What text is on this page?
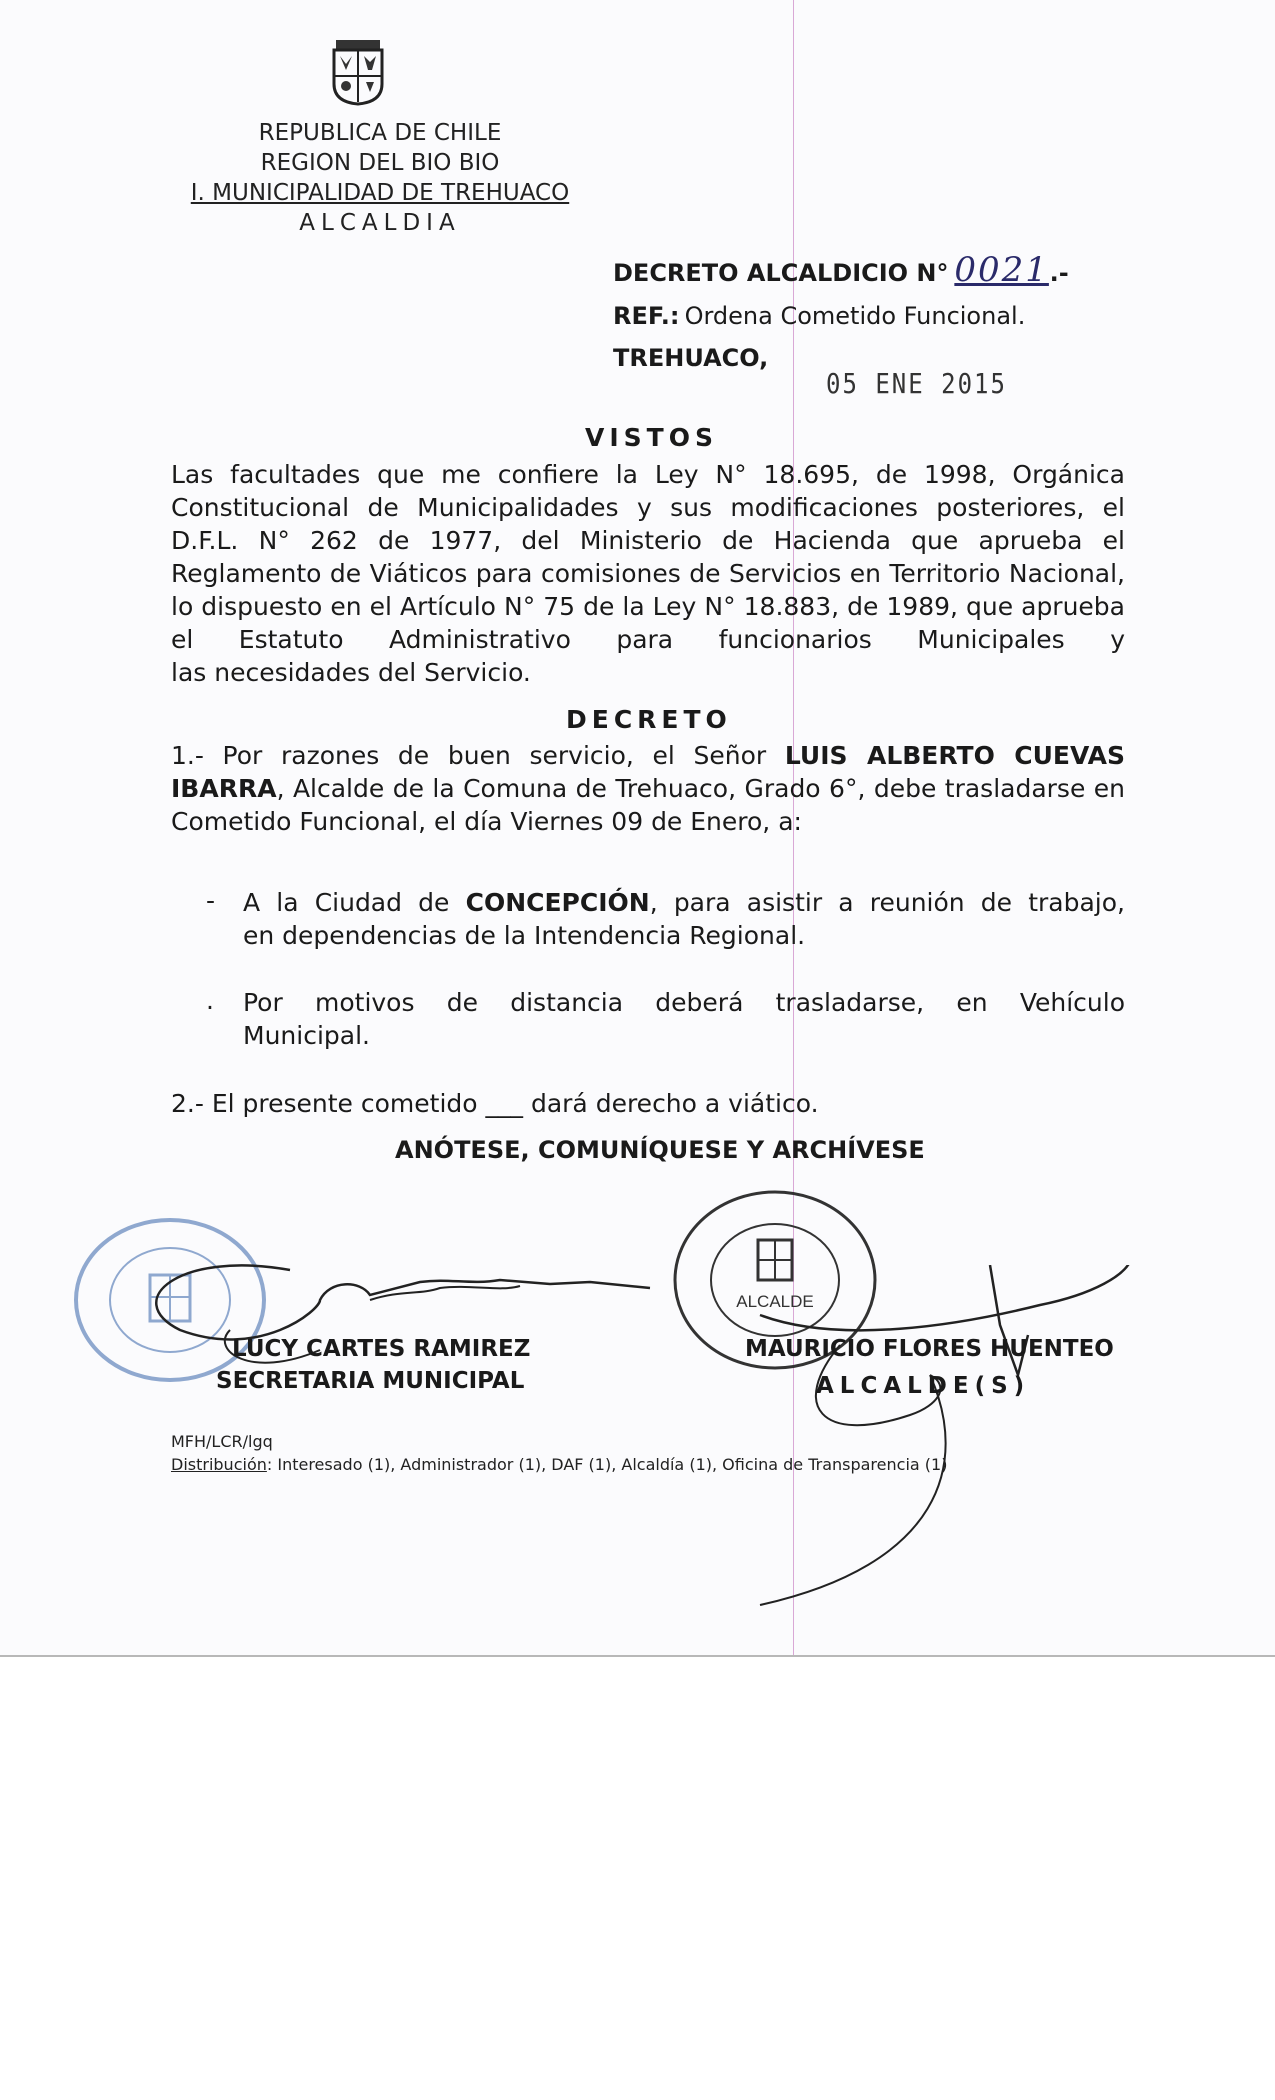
REPUBLICA DE CHILE
REGION DEL BIO BIO
I. MUNICIPALIDAD DE TREHUACO
ALCALDIA
DECRETO ALCALDICIO N° 0021.-
REF.: Ordena Cometido Funcional.
TREHUACO,
05 ENE 2015
VISTOS
Las facultades que me confiere la Ley N° 18.695, de 1998, Orgánica Constitucional de Municipalidades y sus modificaciones posteriores, el D.F.L. N° 262 de 1977, del Ministerio de Hacienda que aprueba el Reglamento de Viáticos para comisiones de Servicios en Territorio Nacional, lo dispuesto en el Artículo N° 75 de la Ley N° 18.883, de 1989, que aprueba el Estatuto Administrativo para funcionarios Municipales y
las necesidades del Servicio.
DECRETO
1.- Por razones de buen servicio, el Señor LUIS ALBERTO CUEVAS IBARRA, Alcalde de la Comuna de Trehuaco, Grado 6°, debe trasladarse en
Cometido Funcional, el día Viernes 09 de Enero, a:
- A la Ciudad de CONCEPCIÓN, para asistir a reunión de trabajo,
en dependencias de la Intendencia Regional.
. Por motivos de distancia deberá trasladarse, en Vehículo
Municipal.
2.- El presente cometido ___ dará derecho a viático.
ANÓTESE, COMUNÍQUESE Y ARCHÍVESE
ALCALDE
LUCY CARTES RAMIREZ
SECRETARIA MUNICIPAL
MAURICIO FLORES HUENTEO
ALCALDE(S)
MFH/LCR/lgq
Distribución: Interesado (1), Administrador (1), DAF (1), Alcaldía (1), Oficina de Transparencia (1)
